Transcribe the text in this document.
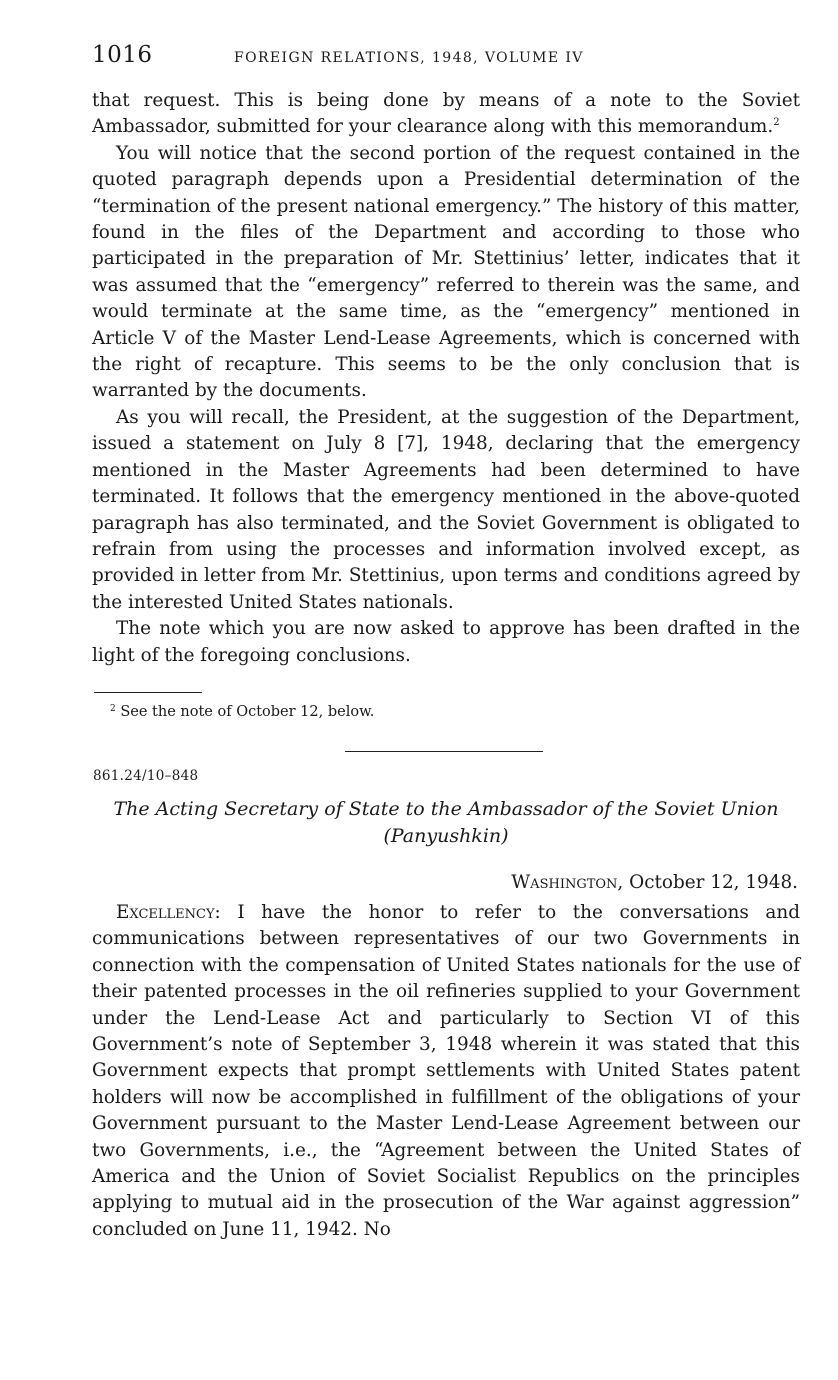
1016	FOREIGN RELATIONS, 1948, VOLUME IV

that request. This is being done by means of a note to the Soviet Ambassador, submitted for your clearance along with this memorandum.$^2$

You will notice that the second portion of the request contained in the quoted paragraph depends upon a Presidential determination of the “termination of the present national emergency.” The history of this matter, found in the files of the Department and according to those who participated in the preparation of Mr. Stettinius’ letter, indicates that it was assumed that the “emergency” referred to therein was the same, and would terminate at the same time, as the “emergency” mentioned in Article V of the Master Lend-Lease Agreements, which is concerned with the right of recapture. This seems to be the only conclusion that is warranted by the documents.

As you will recall, the President, at the suggestion of the Department, issued a statement on July 8 [7], 1948, declaring that the emergency mentioned in the Master Agreements had been determined to have terminated. It follows that the emergency mentioned in the above-quoted paragraph has also terminated, and the Soviet Government is obligated to refrain from using the processes and information involved except, as provided in letter from Mr. Stettinius, upon terms and conditions agreed by the interested United States nationals.

The note which you are now asked to approve has been drafted in the light of the foregoing conclusions.

$^2$ See the note of October 12, below.
861.24/10–848
The Acting Secretary of State to the Ambassador of the Soviet Union
(Panyushkin)
Washington, October 12, 1948.

Excellency: I have the honor to refer to the conversations and communications between representatives of our two Governments in connection with the compensation of United States nationals for the use of their patented processes in the oil refineries supplied to your Government under the Lend-Lease Act and particularly to Section VI of this Government’s note of September 3, 1948 wherein it was stated that this Government expects that prompt settlements with United States patent holders will now be accomplished in fulfillment of the obligations of your Government pursuant to the Master Lend-Lease Agreement between our two Governments, i.e., the “Agreement between the United States of America and the Union of Soviet Socialist Republics on the principles applying to mutual aid in the prosecution of the War against aggression” concluded on June 11, 1942. No
